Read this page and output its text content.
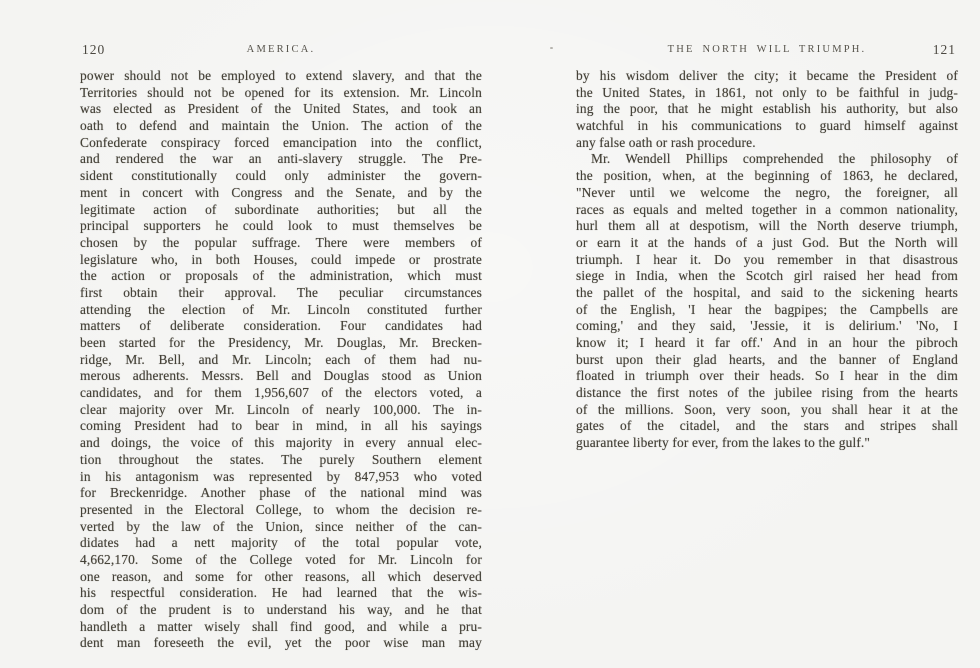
120	AMERICA.
power should not be employed to extend slavery, and that the
Territories should not be opened for its extension. Mr. Lincoln
was elected as President of the United States, and took an
oath to defend and maintain the Union. The action of the
Confederate conspiracy forced emancipation into the conflict,
and rendered the war an anti-slavery struggle. The Pre-
sident constitutionally could only administer the govern-
ment in concert with Congress and the Senate, and by the
legitimate action of subordinate authorities; but all the
principal supporters he could look to must themselves be
chosen by the popular suffrage. There were members of
legislature who, in both Houses, could impede or prostrate
the action or proposals of the administration, which must
first obtain their approval. The peculiar circumstances
attending the election of Mr. Lincoln constituted further
matters of deliberate consideration. Four candidates had
been started for the Presidency, Mr. Douglas, Mr. Brecken-
ridge, Mr. Bell, and Mr. Lincoln; each of them had nu-
merous adherents. Messrs. Bell and Douglas stood as Union
candidates, and for them 1,956,607 of the electors voted, a
clear majority over Mr. Lincoln of nearly 100,000. The in-
coming President had to bear in mind, in all his sayings
and doings, the voice of this majority in every annual elec-
tion throughout the states. The purely Southern element
in his antagonism was represented by 847,953 who voted
for Breckenridge. Another phase of the national mind was
presented in the Electoral College, to whom the decision re-
verted by the law of the Union, since neither of the can-
didates had a nett majority of the total popular vote,
4,662,170. Some of the College voted for Mr. Lincoln for
one reason, and some for other reasons, all which deserved
his respectful consideration. He had learned that the wis-
dom of the prudent is to understand his way, and he that
handleth a matter wisely shall find good, and while a pru-
dent man foreseeth the evil, yet the poor wise man may
THE NORTH WILL TRIUMPH.	121
by his wisdom deliver the city; it became the President of
the United States, in 1861, not only to be faithful in judg-
ing the poor, that he might establish his authority, but also
watchful in his communications to guard himself against
any false oath or rash procedure.
Mr. Wendell Phillips comprehended the philosophy of
the position, when, at the beginning of 1863, he declared,
"Never until we welcome the negro, the foreigner, all
races as equals and melted together in a common nationality,
hurl them all at despotism, will the North deserve triumph,
or earn it at the hands of a just God. But the North will
triumph. I hear it. Do you remember in that disastrous
siege in India, when the Scotch girl raised her head from
the pallet of the hospital, and said to the sickening hearts
of the English, 'I hear the bagpipes; the Campbells are
coming,' and they said, 'Jessie, it is delirium.' 'No, I
know it; I heard it far off.' And in an hour the pibroch
burst upon their glad hearts, and the banner of England
floated in triumph over their heads. So I hear in the dim
distance the first notes of the jubilee rising from the hearts
of the millions. Soon, very soon, you shall hear it at the
gates of the citadel, and the stars and stripes shall
guarantee liberty for ever, from the lakes to the gulf."
